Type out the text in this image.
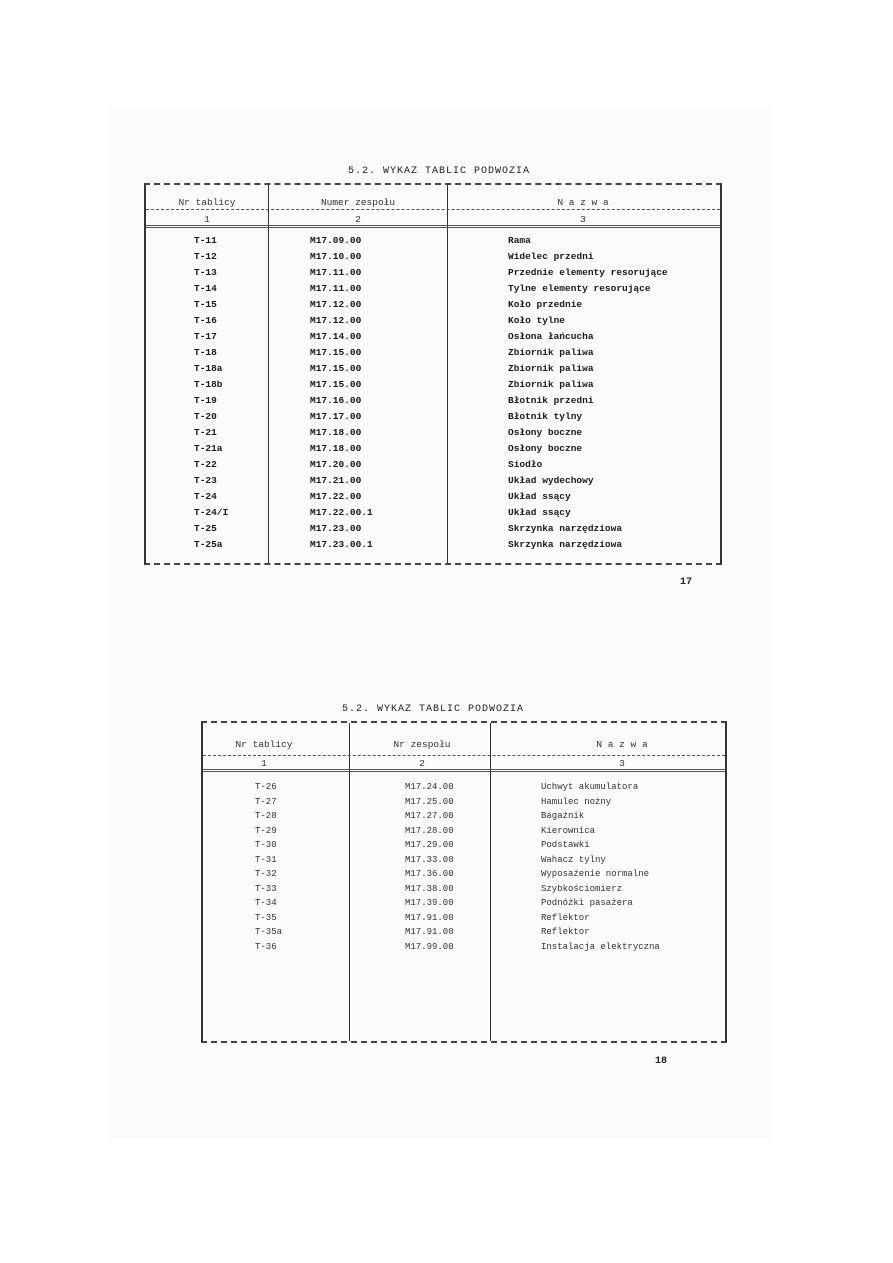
5.2. WYKAZ TABLIC PODWOZIA
Nr tablicy	Numer zespołu	N a z w a
1	2	3
T-11	M17.09.00	Rama
T-12	M17.10.00	Widelec przedni
T-13	M17.11.00	Przednie elementy resorujące
T-14	M17.11.00	Tylne elementy resorujące
T-15	M17.12.00	Koło przednie
T-16	M17.12.00	Koło tylne
T-17	M17.14.00	Osłona łańcucha
T-18	M17.15.00	Zbiornik paliwa
T-18a	M17.15.00	Zbiornik paliwa
T-18b	M17.15.00	Zbiornik paliwa
T-19	M17.16.00	Błotnik przedni
T-20	M17.17.00	Błotnik tylny
T-21	M17.18.00	Osłony boczne
T-21a	M17.18.00	Osłony boczne
T-22	M17.20.00	Siodło
T-23	M17.21.00	Układ wydechowy
T-24	M17.22.00	Układ ssący
T-24/I	M17.22.00.1	Układ ssący
T-25	M17.23.00	Skrzynka narzędziowa
T-25a	M17.23.00.1	Skrzynka narzędziowa
17
5.2. WYKAZ TABLIC PODWOZIA
Nr tablicy	Nr zespołu	N a z w a
1	2	3
T-26	M17.24.00	Uchwyt akumulatora
T-27	M17.25.00	Hamulec nożny
T-28	M17.27.00	Bagażnik
T-29	M17.28.00	Kierownica
T-30	M17.29.00	Podstawki
T-31	M17.33.00	Wahacz tylny
T-32	M17.36.00	Wyposażenie normalne
T-33	M17.38.00	Szybkościomierz
T-34	M17.39.00	Podnóżki pasażera
T-35	M17.91.00	Reflektor
T-35a	M17.91.00	Reflektor
T-36	M17.99.00	Instalacja elektryczna
18
